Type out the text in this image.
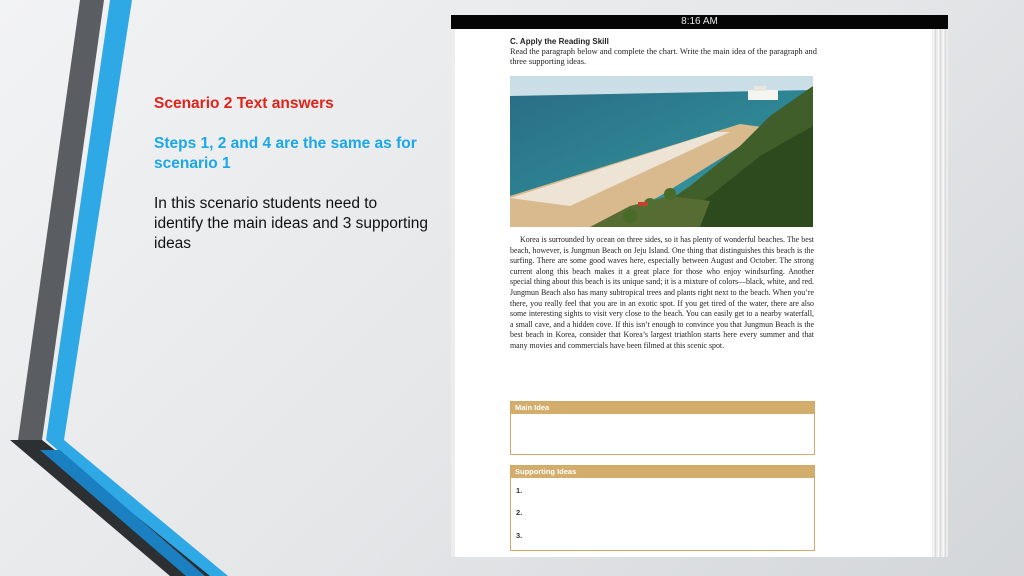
Scenario 2 Text answers

Steps 1, 2 and 4 are the same as for scenario 1

In this scenario students need to identify the main ideas and 3 supporting ideas

8:16 AM
C. Apply the Reading Skill
Read the paragraph below and complete the chart. Write the main idea of the paragraph and three supporting ideas.
Korea is surrounded by ocean on three sides, so it has plenty of wonderful beaches. The best beach, however, is Jungmun Beach on Jeju Island. One thing that distinguishes this beach is the surfing. There are some good waves here, especially between August and October. The strong current along this beach makes it a great place for those who enjoy windsurfing. Another special thing about this beach is its unique sand; it is a mixture of colors—black, white, and red. Jungmun Beach also has many subtropical trees and plants right next to the beach. When you’re there, you really feel that you are in an exotic spot. If you get tired of the water, there are also some interesting sights to visit very close to the beach. You can easily get to a nearby waterfall, a small cave, and a hidden cove. If this isn’t enough to convince you that Jungmun Beach is the best beach in Korea, consider that Korea’s largest triathlon starts here every summer and that many movies and commercials have been filmed at this scenic spot.
Main Idea
Supporting Ideas
1.
2.
3.
